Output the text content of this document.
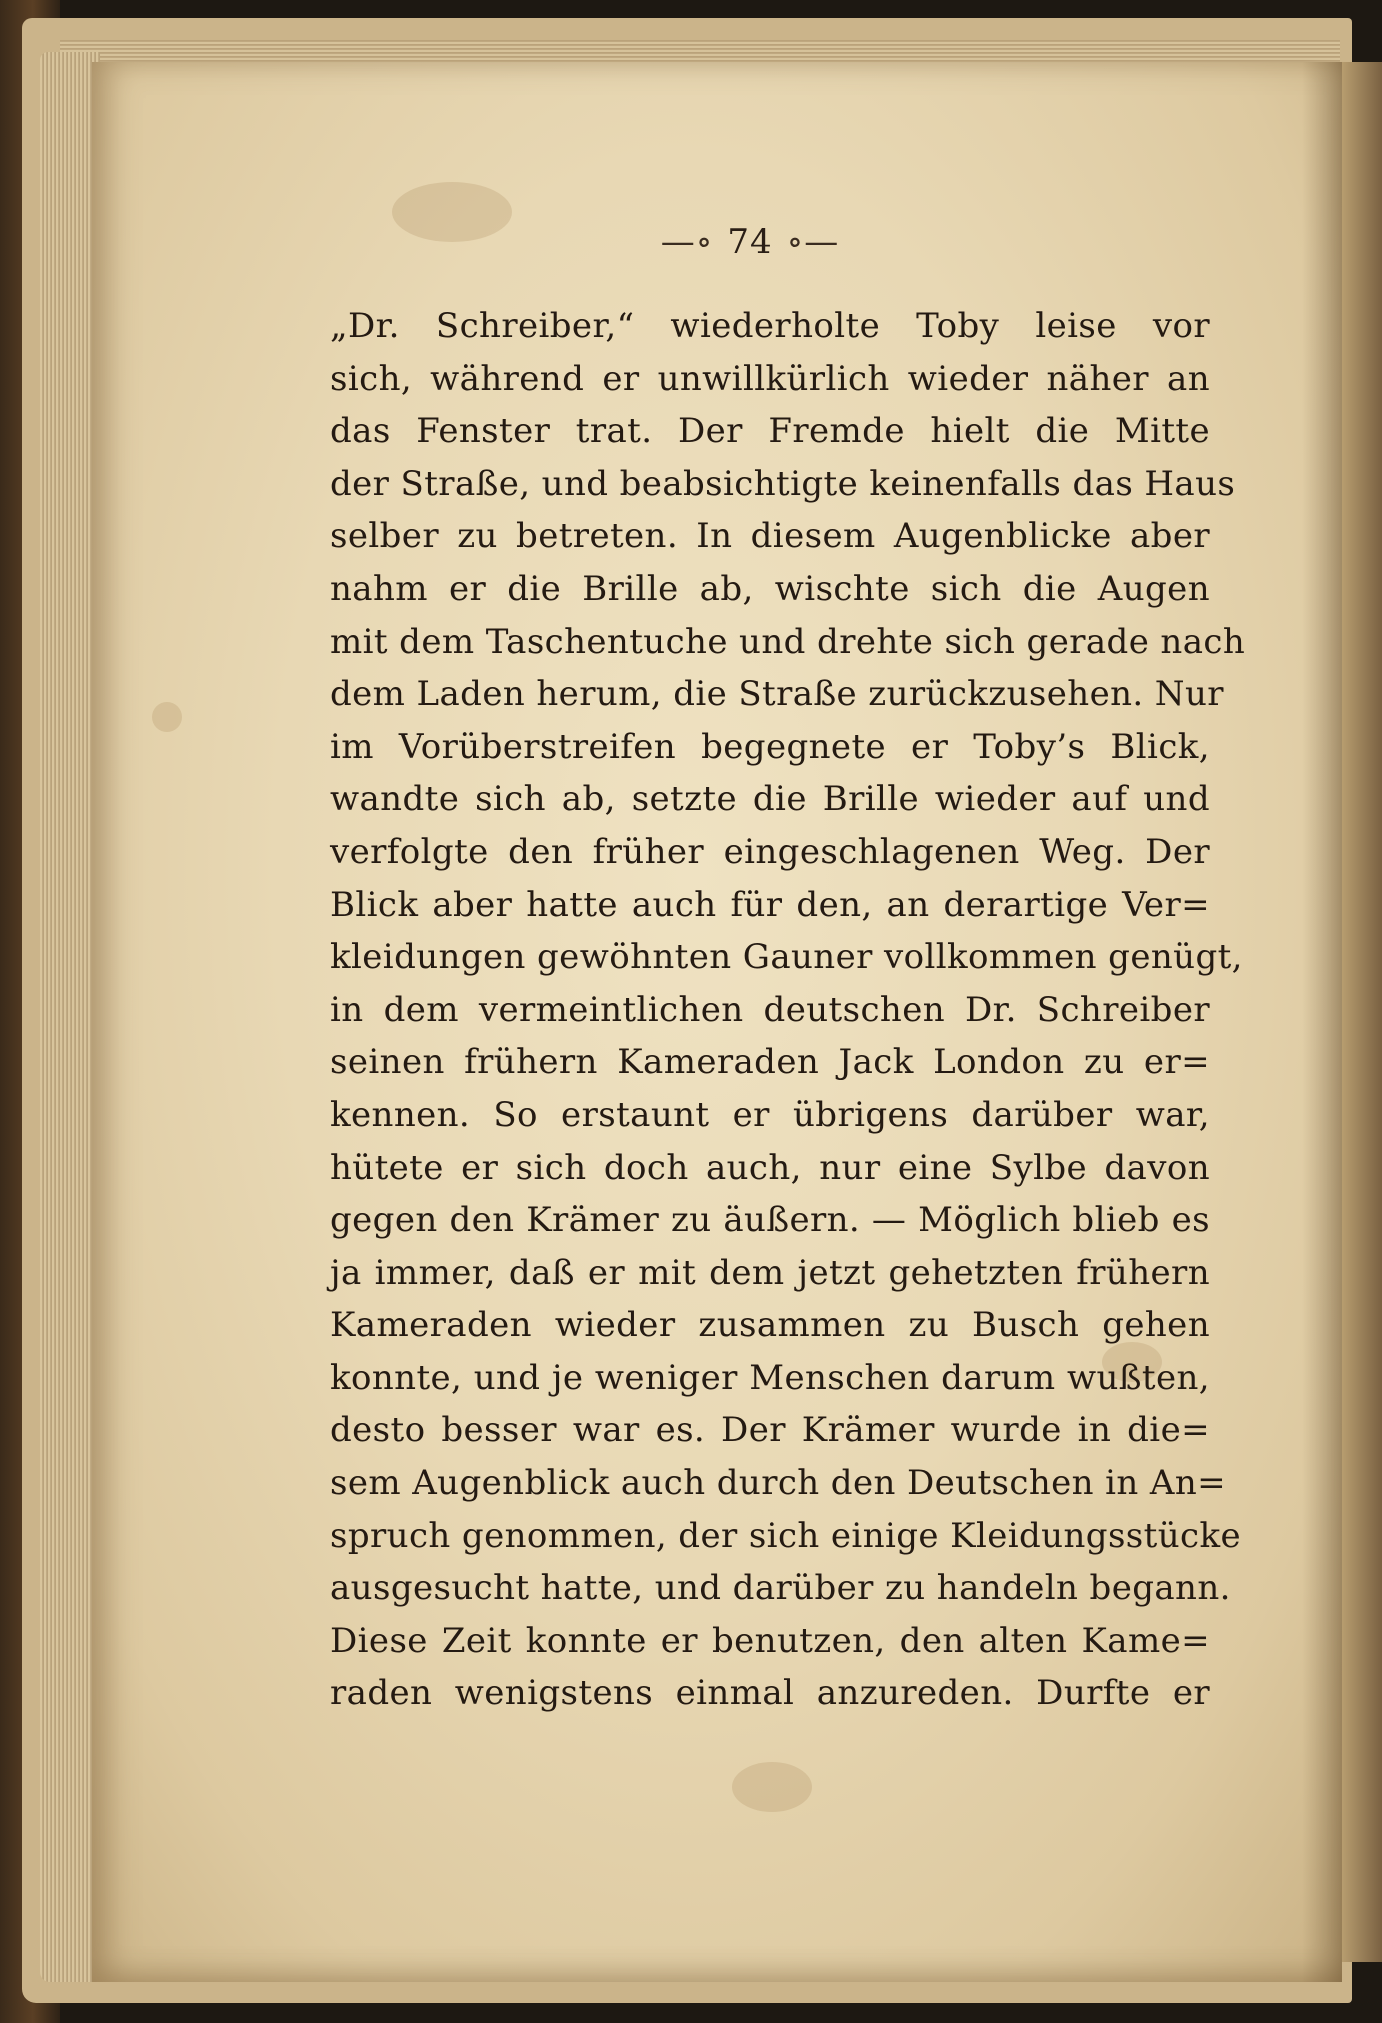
—∘ 74 ∘—
„Dr. Schreiber,“ wiederholte Toby leise vor
sich, während er unwillkürlich wieder näher an
das Fenster trat. Der Fremde hielt die Mitte
der Straße, und beabsichtigte keinenfalls das Haus
selber zu betreten. In diesem Augenblicke aber
nahm er die Brille ab, wischte sich die Augen
mit dem Taschentuche und drehte sich gerade nach
dem Laden herum, die Straße zurückzusehen. Nur
im Vorüberstreifen begegnete er Toby’s Blick,
wandte sich ab, setzte die Brille wieder auf und
verfolgte den früher eingeschlagenen Weg. Der
Blick aber hatte auch für den, an derartige Ver=
kleidungen gewöhnten Gauner vollkommen genügt,
in dem vermeintlichen deutschen Dr. Schreiber
seinen frühern Kameraden Jack London zu er=
kennen. So erstaunt er übrigens darüber war,
hütete er sich doch auch, nur eine Sylbe davon
gegen den Krämer zu äußern. — Möglich blieb es
ja immer, daß er mit dem jetzt gehetzten frühern
Kameraden wieder zusammen zu Busch gehen
konnte, und je weniger Menschen darum wußten,
desto besser war es. Der Krämer wurde in die=
sem Augenblick auch durch den Deutschen in An=
spruch genommen, der sich einige Kleidungsstücke
ausgesucht hatte, und darüber zu handeln begann.
Diese Zeit konnte er benutzen, den alten Kame=
raden wenigstens einmal anzureden. Durfte er
